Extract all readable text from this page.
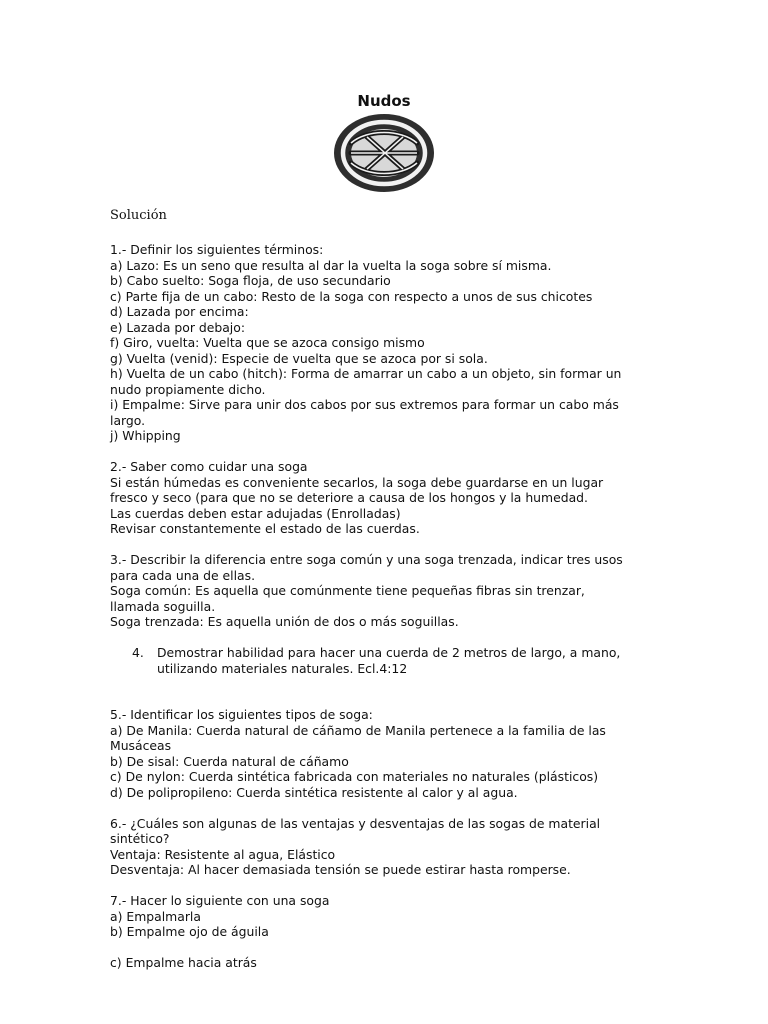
Nudos
Solución

1.- Definir los siguientes términos:

a) Lazo: Es un seno que resulta al dar la vuelta la soga sobre sí misma.

b) Cabo suelto: Soga floja, de uso secundario

c) Parte fija de un cabo: Resto de la soga con respecto a unos de sus chicotes

d) Lazada por encima:

e) Lazada por debajo:

f) Giro, vuelta: Vuelta que se azoca consigo mismo

g) Vuelta (venid): Especie de vuelta que se azoca por si sola.

h) Vuelta de un cabo (hitch): Forma de amarrar un cabo a un objeto, sin formar un

nudo propiamente dicho.

i) Empalme: Sirve para unir dos cabos por sus extremos para formar un cabo más

largo.

j) Whipping

2.- Saber como cuidar una soga

Si están húmedas es conveniente secarlos, la soga debe guardarse en un lugar

fresco y seco (para que no se deteriore a causa de los hongos y la humedad.

Las cuerdas deben estar adujadas (Enrolladas)

Revisar constantemente el estado de las cuerdas.

3.- Describir la diferencia entre soga común y una soga trenzada, indicar tres usos

para cada una de ellas.

Soga común: Es aquella que comúnmente tiene pequeñas fibras sin trenzar,

llamada soguilla.

Soga trenzada: Es aquella unión de dos o más soguillas.

4. Demostrar habilidad para hacer una cuerda de 2 metros de largo, a mano,

utilizando materiales naturales. Ecl.4:12

5.- Identificar los siguientes tipos de soga:

a) De Manila: Cuerda natural de cáñamo de Manila pertenece a la familia de las

Musáceas

b) De sisal: Cuerda natural de cáñamo

c) De nylon: Cuerda sintética fabricada con materiales no naturales (plásticos)

d) De polipropileno: Cuerda sintética resistente al calor y al agua.

6.- ¿Cuáles son algunas de las ventajas y desventajas de las sogas de material

sintético?

Ventaja: Resistente al agua, Elástico

Desventaja: Al hacer demasiada tensión se puede estirar hasta romperse.

7.- Hacer lo siguiente con una soga

a) Empalmarla

b) Empalme ojo de águila

c) Empalme hacia atrás
